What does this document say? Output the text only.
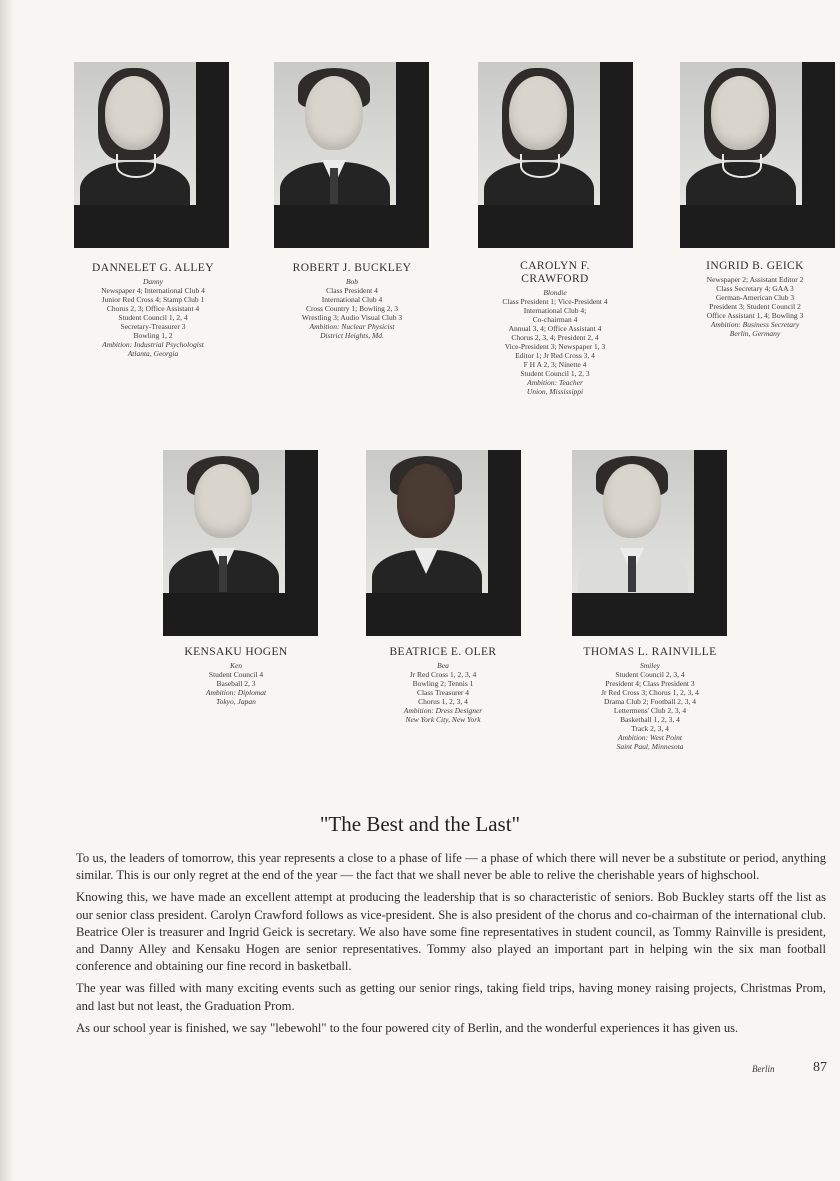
DANNELET G. ALLEY
Danny
Newspaper 4; International Club 4
Junior Red Cross 4; Stamp Club 1
Chorus 2, 3; Office Assistant 4
Student Council 1, 2, 4
Secretary-Treasurer 3
Bowling 1, 2
Ambition: Industrial Psychologist
Atlanta, Georgia
ROBERT J. BUCKLEY
Bob
Class President 4
International Club 4
Cross Country 1; Bowling 2, 3
Wrestling 3; Audio Visual Club 3
Ambition: Nuclear Physicist
District Heights, Md.
CAROLYN F. CRAWFORD
Blondie
Class President 1; Vice-President 4
International Club 4;
Co-chairman 4
Annual 3, 4; Office Assistant 4
Chorus 2, 3, 4; President 2, 4
Vice-President 3; Newspaper 1, 3
Editor 1; Jr Red Cross 3, 4
F H A 2, 3; Ninette 4
Student Council 1, 2, 3
Ambition: Teacher
Union, Mississippi
INGRID B. GEICK
Newspaper 2; Assistant Editor 2
Class Secretary 4; GAA 3
German-American Club 3
President 3; Student Council 2
Office Assistant 1, 4; Bowling 3
Ambition: Business Secretary
Berlin, Germany
KENSAKU HOGEN
Ken
Student Council 4
Baseball 2, 3
Ambition: Diplomat
Tokyo, Japan
BEATRICE E. OLER
Bea
Jr Red Cross 1, 2, 3, 4
Bowling 2; Tennis 1
Class Treasurer 4
Chorus 1, 2, 3, 4
Ambition: Dress Designer
New York City, New York
THOMAS L. RAINVILLE
Smiley
Student Council 2, 3, 4
President 4; Class President 3
Jr Red Cross 3; Chorus 1, 2, 3, 4
Drama Club 2; Football 2, 3, 4
Lettermens' Club 2, 3, 4
Basketball 1, 2, 3, 4
Track 2, 3, 4
Ambition: West Point
Saint Paul, Minnesota
"The Best and the Last"

To us, the leaders of tomorrow, this year represents a close to a phase of life — a phase of which there will never be a substitute or period, anything similar. This is our only regret at the end of the year — the fact that we shall never be able to relive the cherishable years of highschool.

Knowing this, we have made an excellent attempt at producing the leadership that is so characteristic of seniors. Bob Buckley starts off the list as our senior class president. Carolyn Crawford follows as vice-president. She is also president of the chorus and co-chairman of the international club. Beatrice Oler is treasurer and Ingrid Geick is secretary. We also have some fine representatives in student council, as Tommy Rainville is president, and Danny Alley and Kensaku Hogen are senior representatives. Tommy also played an important part in helping win the six man football conference and obtaining our fine record in basketball.

The year was filled with many exciting events such as getting our senior rings, taking field trips, having money raising projects, Christmas Prom, and last but not least, the Graduation Prom.

As our school year is finished, we say "lebewohl" to the four powered city of Berlin, and the wonderful experiences it has given us.

Berlin	87
